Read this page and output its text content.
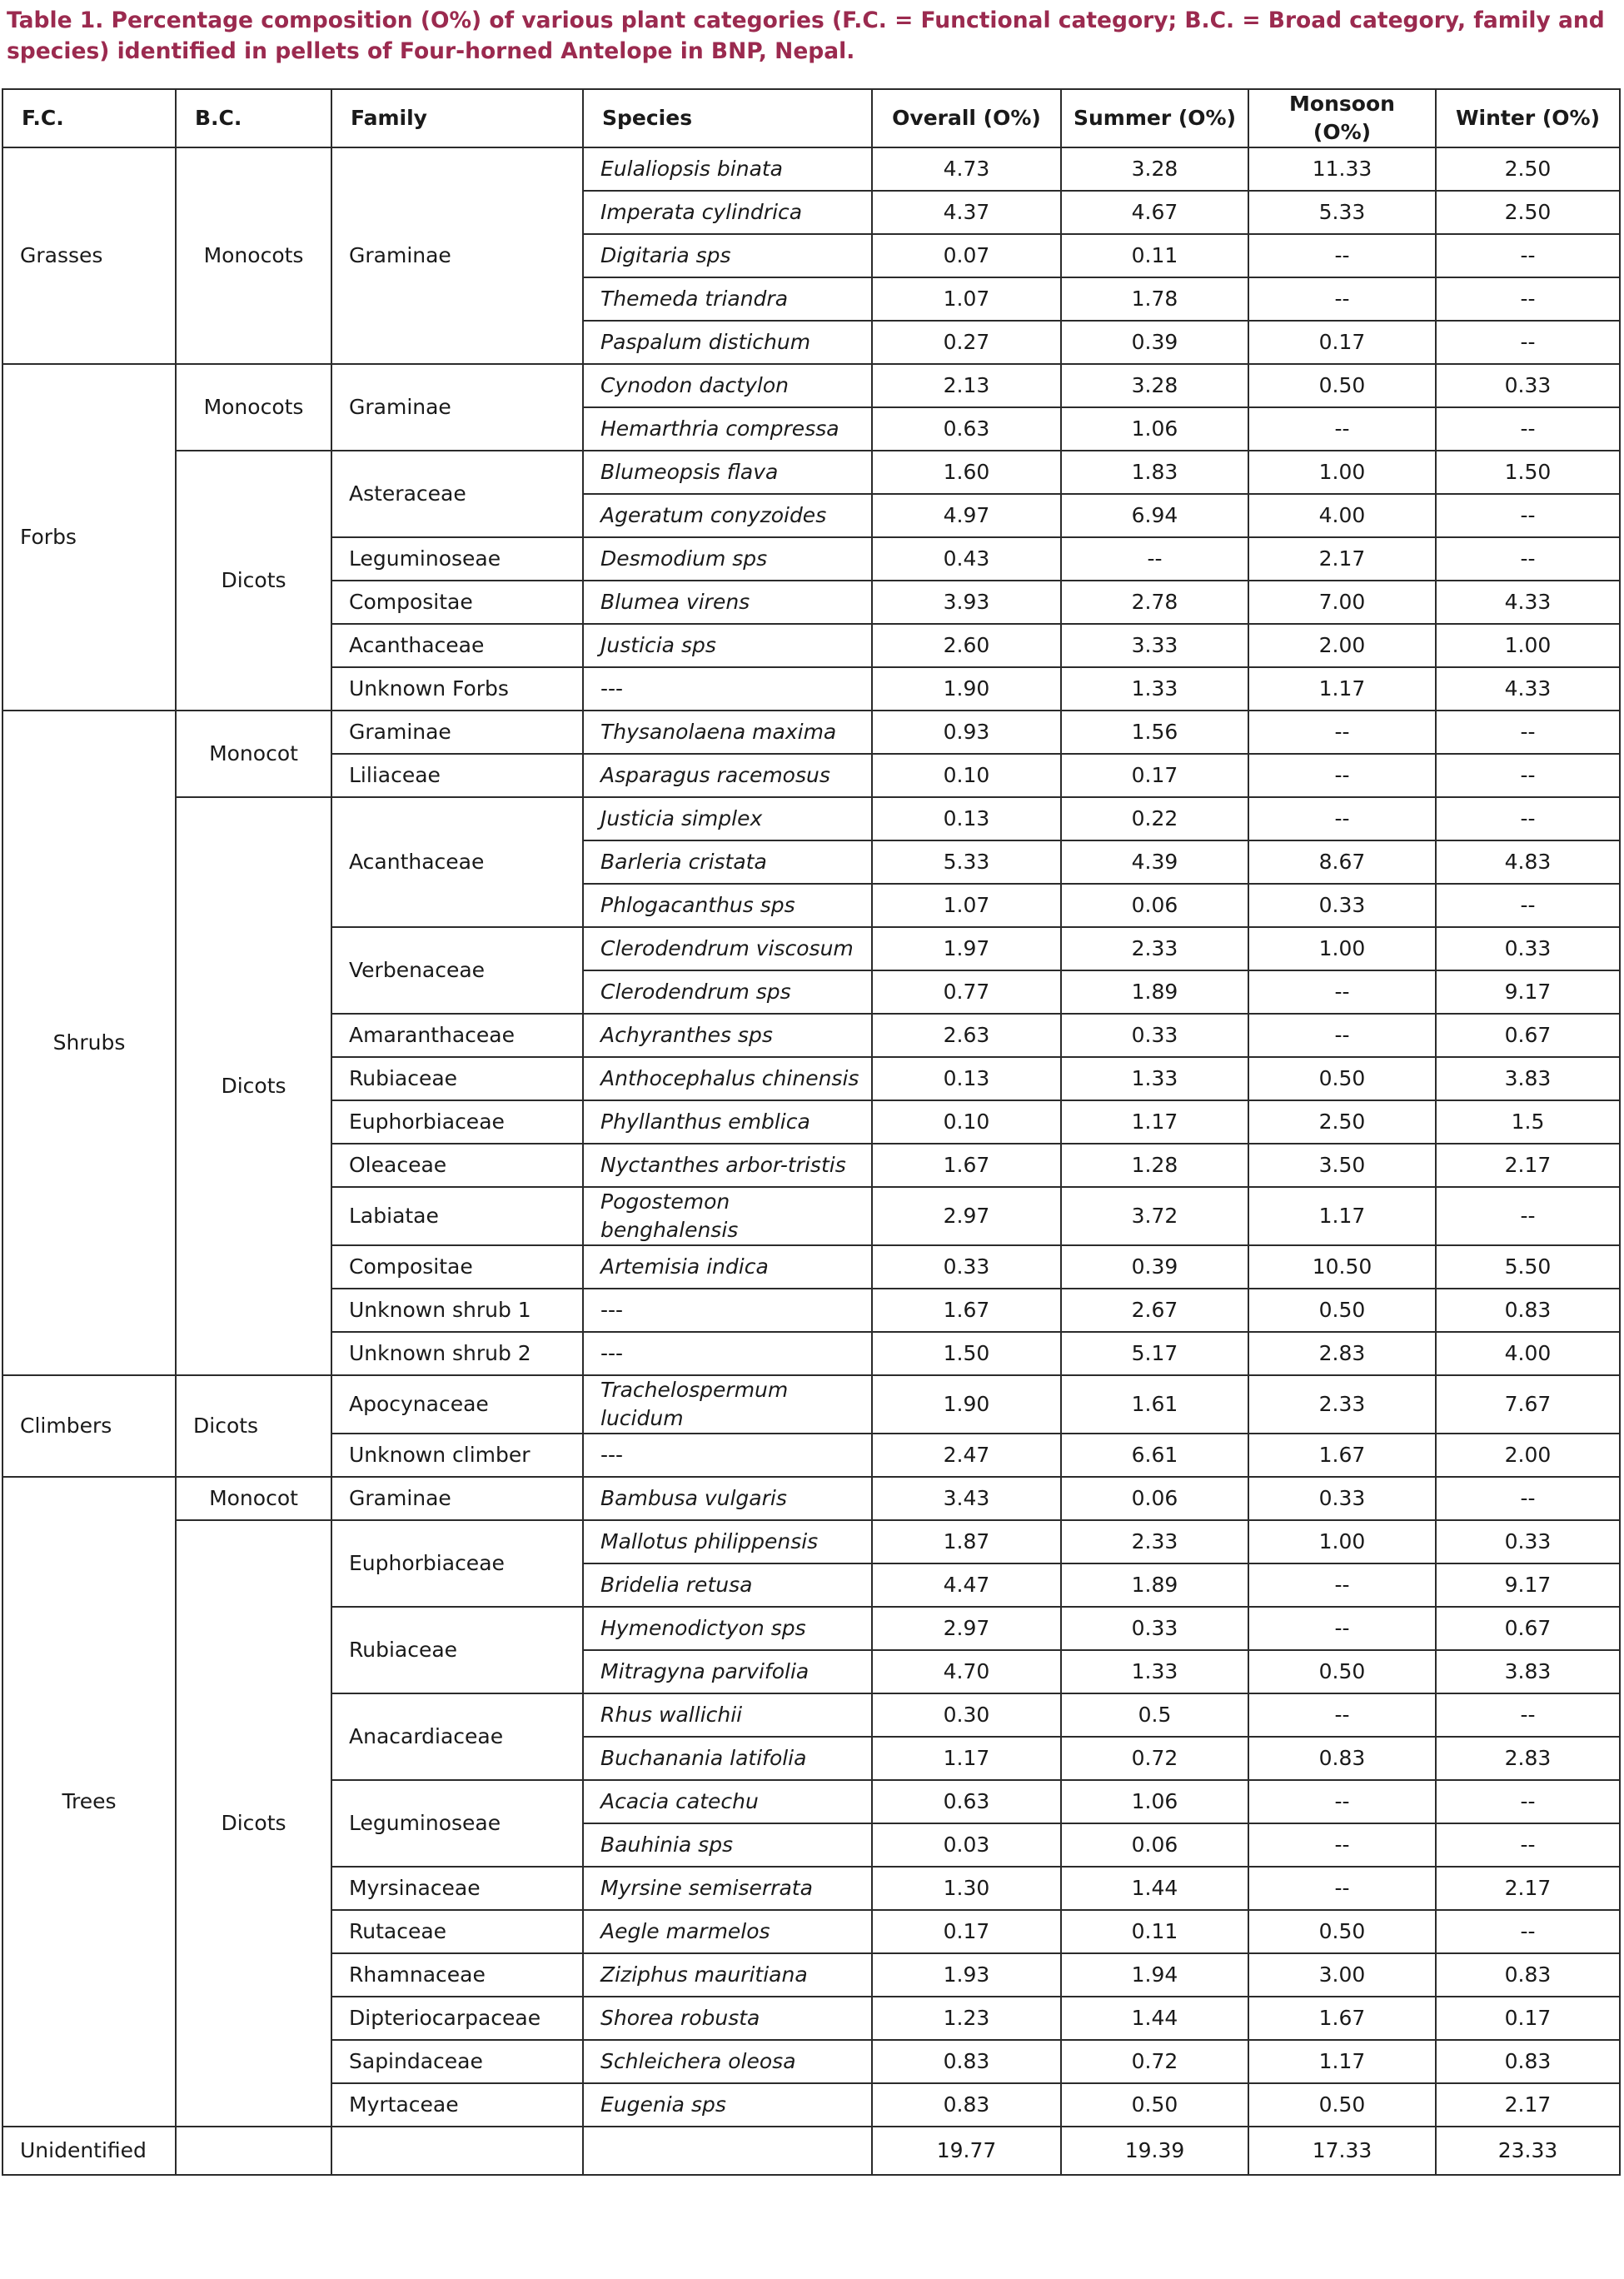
Table 1. Percentage composition (O%) of various plant categories (F.C. = Functional category; B.C. = Broad category, family and species) identified in pellets of Four-horned Antelope in BNP, Nepal.
F.C.	B.C.	Family	Species	Overall (O%)	Summer (O%)	Monsoon (O%)	Winter (O%)
Grasses	Monocots	Graminae	Eulaliopsis binata	4.73	3.28	11.33	2.50
			Imperata cylindrica	4.37	4.67	5.33	2.50
			Digitaria sps	0.07	0.11	--	--
			Themeda triandra	1.07	1.78	--	--
			Paspalum distichum	0.27	0.39	0.17	--
Forbs	Monocots	Graminae	Cynodon dactylon	2.13	3.28	0.50	0.33
			Hemarthria compressa	0.63	1.06	--	--
	Dicots	Asteraceae	Blumeopsis flava	1.60	1.83	1.00	1.50
			Ageratum conyzoides	4.97	6.94	4.00	--
		Leguminoseae	Desmodium sps	0.43	--	2.17	--
		Compositae	Blumea virens	3.93	2.78	7.00	4.33
		Acanthaceae	Justicia sps	2.60	3.33	2.00	1.00
		Unknown Forbs	---	1.90	1.33	1.17	4.33
Shrubs	Monocot	Graminae	Thysanolaena maxima	0.93	1.56	--	--
		Liliaceae	Asparagus racemosus	0.10	0.17	--	--
	Dicots	Acanthaceae	Justicia simplex	0.13	0.22	--	--
			Barleria cristata	5.33	4.39	8.67	4.83
			Phlogacanthus sps	1.07	0.06	0.33	--
		Verbenaceae	Clerodendrum viscosum	1.97	2.33	1.00	0.33
			Clerodendrum sps	0.77	1.89	--	9.17
		Amaranthaceae	Achyranthes sps	2.63	0.33	--	0.67
		Rubiaceae	Anthocephalus chinensis	0.13	1.33	0.50	3.83
		Euphorbiaceae	Phyllanthus emblica	0.10	1.17	2.50	1.5
		Oleaceae	Nyctanthes arbor-tristis	1.67	1.28	3.50	2.17
		Labiatae	Pogostemon benghalensis	2.97	3.72	1.17	--
		Compositae	Artemisia indica	0.33	0.39	10.50	5.50
		Unknown shrub 1	---	1.67	2.67	0.50	0.83
		Unknown shrub 2	---	1.50	5.17	2.83	4.00
Climbers	Dicots	Apocynaceae	Trachelospermum lucidum	1.90	1.61	2.33	7.67
		Unknown climber	---	2.47	6.61	1.67	2.00
Trees	Monocot	Graminae	Bambusa vulgaris	3.43	0.06	0.33	--
	Dicots	Euphorbiaceae	Mallotus philippensis	1.87	2.33	1.00	0.33
			Bridelia retusa	4.47	1.89	--	9.17
		Rubiaceae	Hymenodictyon sps	2.97	0.33	--	0.67
			Mitragyna parvifolia	4.70	1.33	0.50	3.83
		Anacardiaceae	Rhus wallichii	0.30	0.5	--	--
			Buchanania latifolia	1.17	0.72	0.83	2.83
		Leguminoseae	Acacia catechu	0.63	1.06	--	--
			Bauhinia sps	0.03	0.06	--	--
		Myrsinaceae	Myrsine semiserrata	1.30	1.44	--	2.17
		Rutaceae	Aegle marmelos	0.17	0.11	0.50	--
		Rhamnaceae	Ziziphus mauritiana	1.93	1.94	3.00	0.83
		Dipteriocarpaceae	Shorea robusta	1.23	1.44	1.67	0.17
		Sapindaceae	Schleichera oleosa	0.83	0.72	1.17	0.83
		Myrtaceae	Eugenia sps	0.83	0.50	0.50	2.17
Unidentified				19.77	19.39	17.33	23.33
